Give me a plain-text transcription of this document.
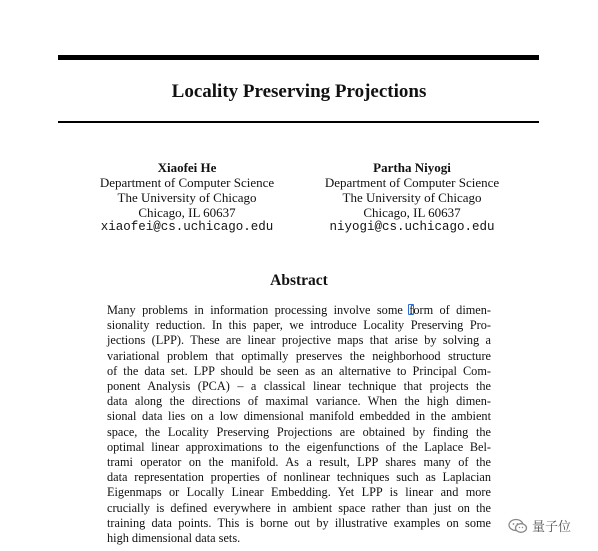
Locality Preserving Projections
Xiaofei He
Department of Computer Science
The University of Chicago
Chicago, IL 60637
xiaofei@cs.uchicago.edu
Partha Niyogi
Department of Computer Science
The University of Chicago
Chicago, IL 60637
niyogi@cs.uchicago.edu
Abstract
Many problems in information processing involve some form of dimen-
sionality reduction. In this paper, we introduce Locality Preserving Pro-
jections (LPP). These are linear projective maps that arise by solving a
variational problem that optimally preserves the neighborhood structure
of the data set. LPP should be seen as an alternative to Principal Com-
ponent Analysis (PCA) – a classical linear technique that projects the
data along the directions of maximal variance. When the high dimen-
sional data lies on a low dimensional manifold embedded in the ambient
space, the Locality Preserving Projections are obtained by finding the
optimal linear approximations to the eigenfunctions of the Laplace Bel-
trami operator on the manifold. As a result, LPP shares many of the
data representation properties of nonlinear techniques such as Laplacian
Eigenmaps or Locally Linear Embedding. Yet LPP is linear and more
crucially is defined everywhere in ambient space rather than just on the
training data points. This is borne out by illustrative examples on some
high dimensional data sets.
量子位
